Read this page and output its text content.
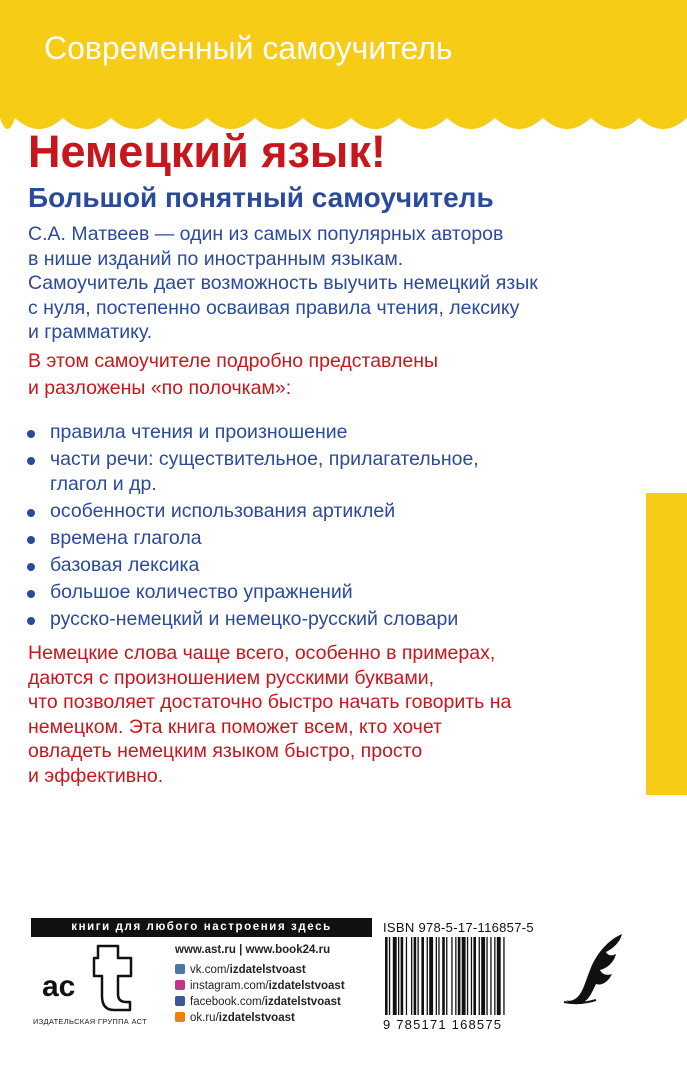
Современный самоучитель
Немецкий язык!
Большой понятный самоучитель
С.А. Матвеев — один из самых популярных авторов
в нише изданий по иностранным языкам.
Самоучитель дает возможность выучить немецкий язык
с нуля, постепенно осваивая правила чтения, лексику
и грамматику.
В этом самоучителе подробно представлены
и разложены «по полочкам»:
правила чтения и произношение
части речи: существительное, прилагательное,
глагол и др.
особенности использования артиклей
времена глагола
базовая лексика
большое количество упражнений
русско-немецкий и немецко-русский словари
Немецкие слова чаще всего, особенно в примерах,
даются с произношением русскими буквами,
что позволяет достаточно быстро начать говорить на
немецком. Эта книга поможет всем, кто хочет
овладеть немецким языком быстро, просто
и эффективно.
книги для любого настроения здесь
ac
ИЗДАТЕЛЬСКАЯ ГРУППА АСТ
www.ast.ru | www.book24.ru
vk.com/izdatelstvoast
instagram.com/izdatelstvoast
facebook.com/izdatelstvoast
ok.ru/izdatelstvoast
ISBN 978-5-17-116857-5
9 785171 168575
